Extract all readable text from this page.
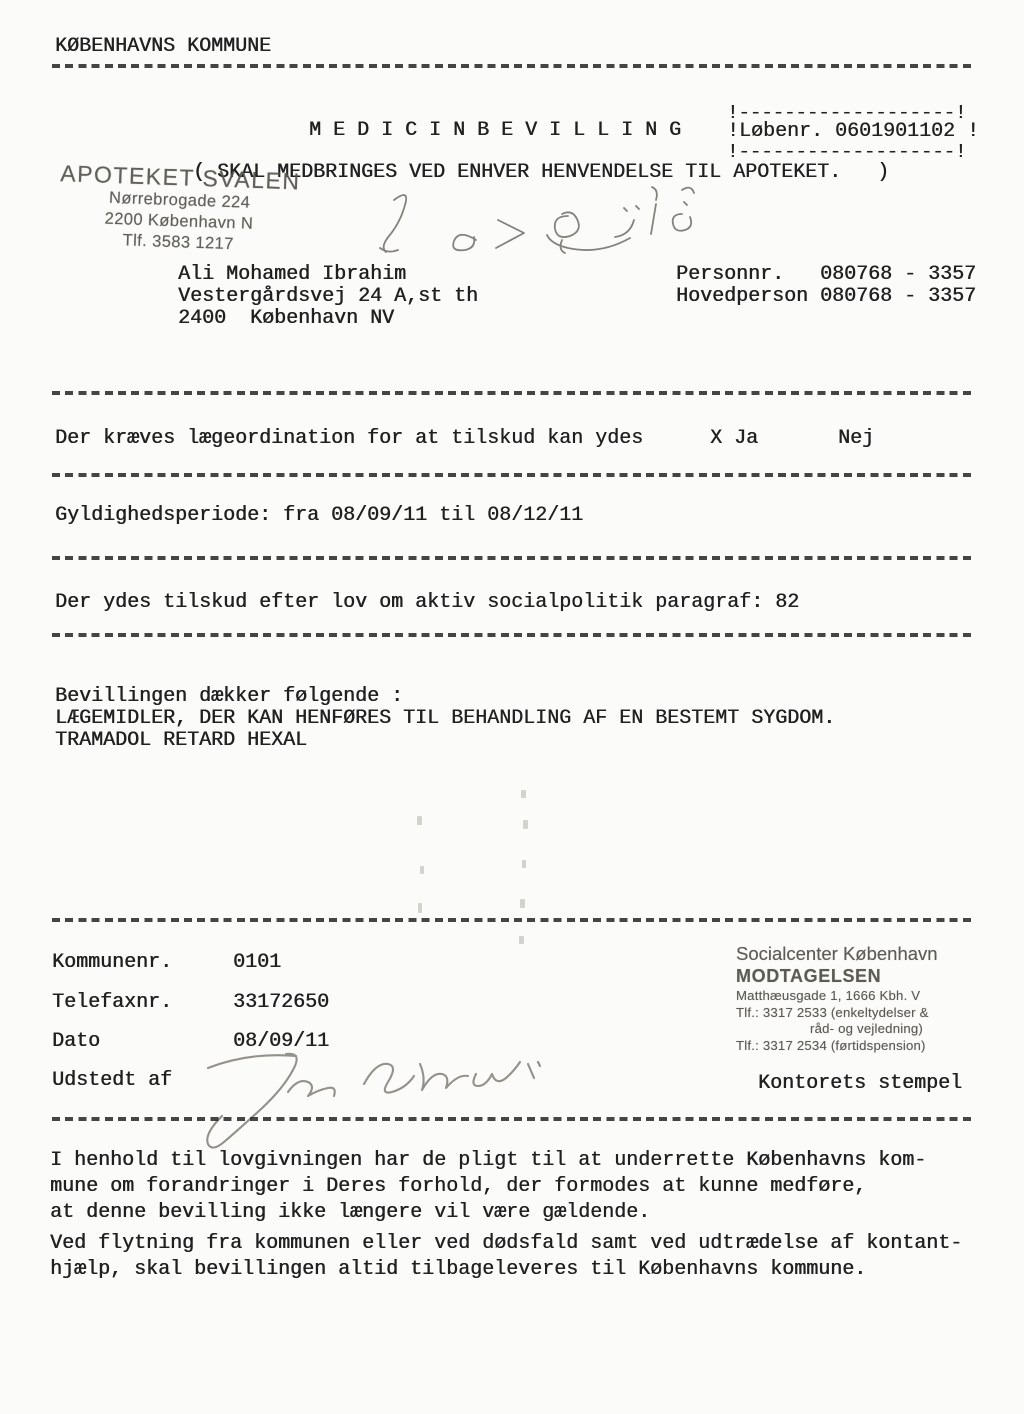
KØBENHAVNS KOMMUNE
M E D I C I N B E V I L L I N G
!-------------------!
!Løbenr. 0601901102 !
!-------------------!
( SKAL MEDBRINGES VED ENHVER HENVENDELSE TIL APOTEKET.   )
APOTEKET SVALEN
Nørrebrogade 224
2200 København N
Tlf. 3583 1217
Ali Mohamed Ibrahim
Vestergårdsvej 24 A,st th
2400  København NV
Personnr. 080768 - 3357
Hovedperson 080768 - 3357
Der kræves lægeordination for at tilskud kan ydes	X Ja	Nej
Gyldighedsperiode: fra 08/09/11 til 08/12/11
Der ydes tilskud efter lov om aktiv socialpolitik paragraf: 82
Bevillingen dækker følgende :
LÆGEMIDLER, DER KAN HENFØRES TIL BEHANDLING AF EN BESTEMT SYGDOM.
TRAMADOL RETARD HEXAL
Kommunenr.	0101
Telefaxnr.	33172650
Dato	08/09/11
Udstedt af
Socialcenter København
MODTAGELSEN
Matthæusgade 1, 1666 Kbh. V
Tlf.: 3317 2533 (enkeltydelser &
råd- og vejledning)
Tlf.: 3317 2534 (førtidspension)
Kontorets stempel
I henhold til lovgivningen har de pligt til at underrette Københavns kom-
mune om forandringer i Deres forhold, der formodes at kunne medføre,
at denne bevilling ikke længere vil være gældende.
Ved flytning fra kommunen eller ved dødsfald samt ved udtrædelse af kontant-
hjælp, skal bevillingen altid tilbageleveres til Københavns kommune.
